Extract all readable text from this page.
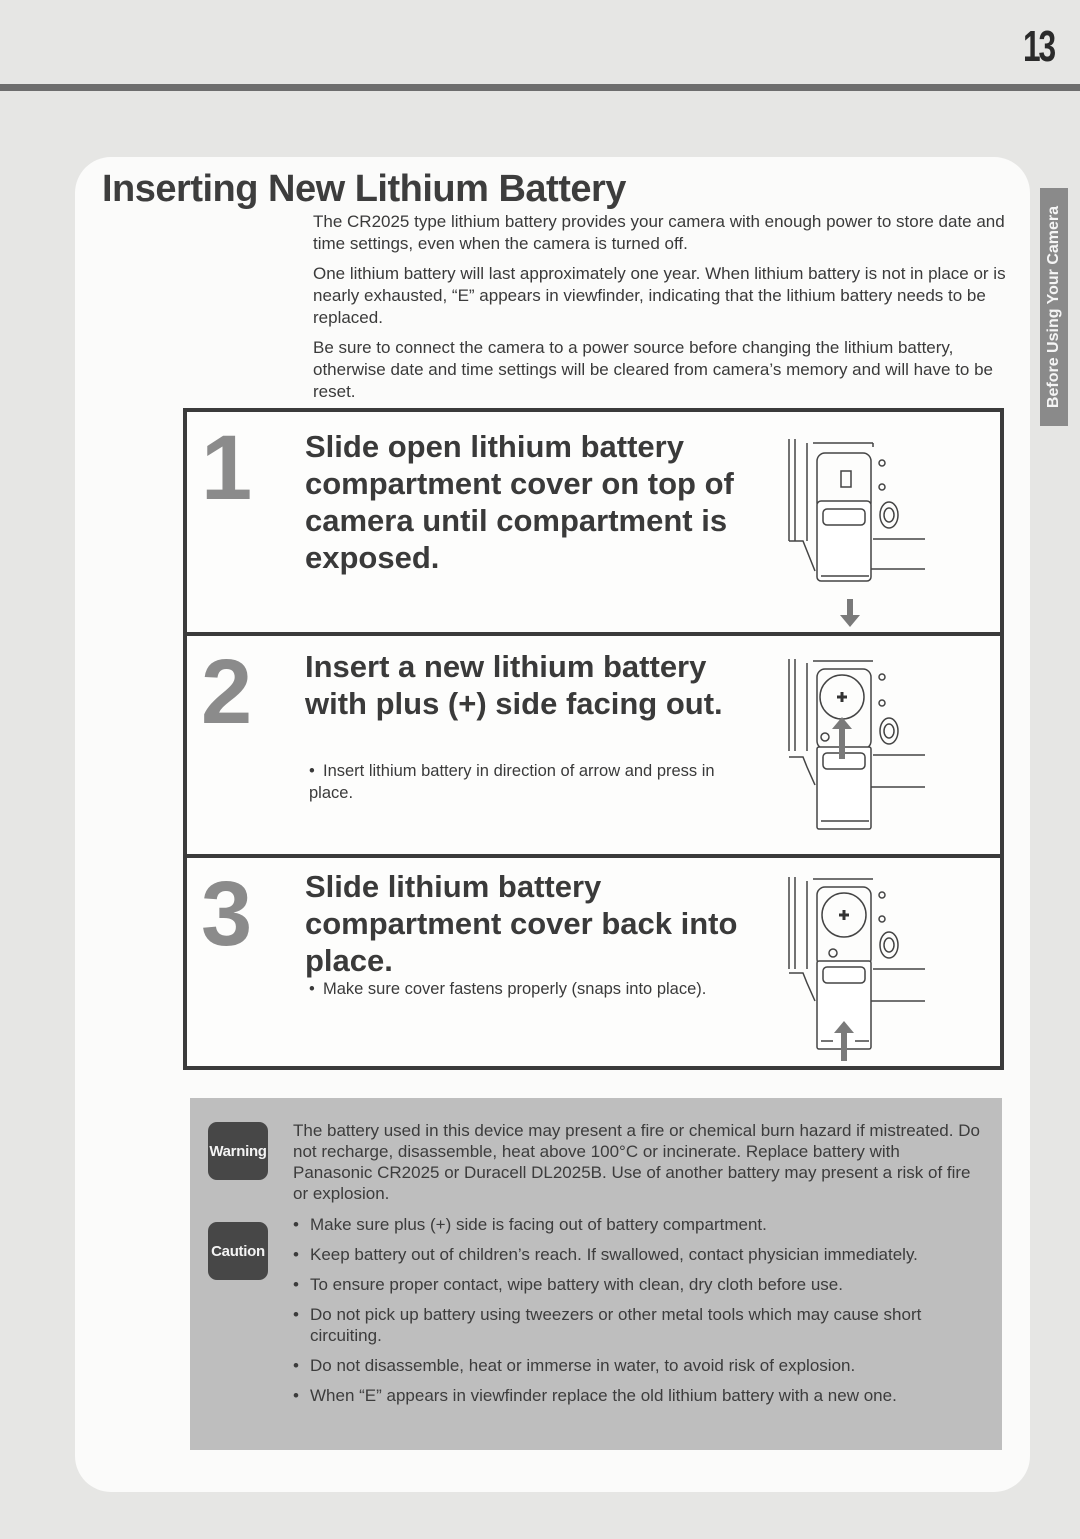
13
Before Using Your Camera
Inserting New Lithium Battery

The CR2025 type lithium battery provides your camera with enough power to store date and time settings, even when the camera is turned off.

One lithium battery will last approximately one year. When lithium battery is not in place or is nearly exhausted, “E” appears in viewfinder, indicating that the lithium battery needs to be replaced.

Be sure to connect the camera to a power source before changing the lithium battery, otherwise date and time settings will be cleared from camera’s memory and will have to be reset.

1 Slide open lithium battery compartment cover on top of camera until compartment is exposed.
2 Insert a new lithium battery with plus (+) side facing out.
• Insert lithium battery in direction of arrow and press in place.
3 Slide lithium battery compartment cover back into place.
• Make sure cover fastens properly (snaps into place).
Warning

The battery used in this device may present a fire or chemical burn hazard if mistreated. Do not recharge, disassemble, heat above 100°C or incinerate. Replace battery with Panasonic CR2025 or Duracell DL2025B. Use of another battery may present a risk of fire or explosion.

Caution
• Make sure plus (+) side is facing out of battery compartment.
• Keep battery out of children’s reach. If swallowed, contact physician immediately.
• To ensure proper contact, wipe battery with clean, dry cloth before use.
• Do not pick up battery using tweezers or other metal tools which may cause short circuiting.
• Do not disassemble, heat or immerse in water, to avoid risk of explosion.
• When “E” appears in viewfinder replace the old lithium battery with a new one.
